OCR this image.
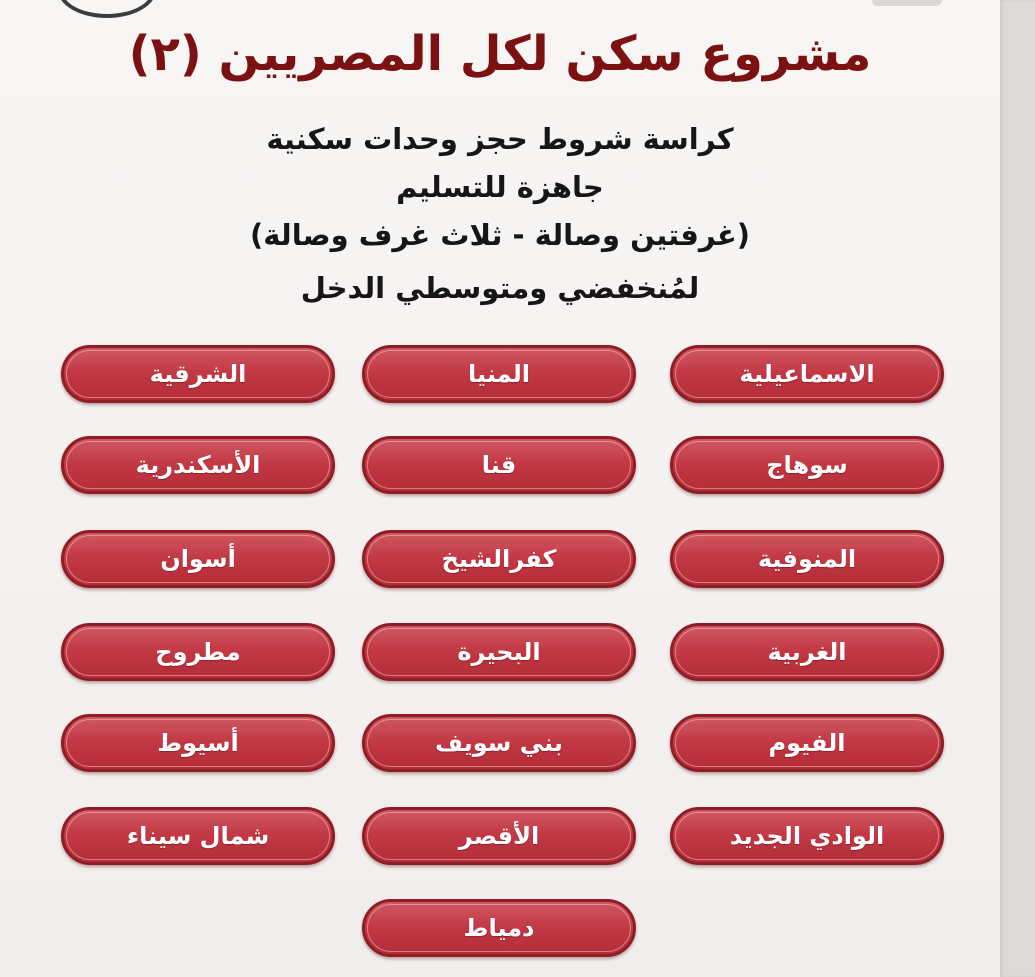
مشروع سكن لكل المصريين (٢)
كراسة شروط حجز وحدات سكنية
جاهزة للتسليم
(غرفتين وصالة - ثلاث غرف وصالة)
لمُنخفضي ومتوسطي الدخل
الاسماعيلية
المنيا
الشرقية
سوهاج
قنا
الأسكندرية
المنوفية
كفرالشيخ
أسوان
الغربية
البحيرة
مطروح
الفيوم
بني سويف
أسيوط
الوادي الجديد
الأقصر
شمال سيناء
دمياط
